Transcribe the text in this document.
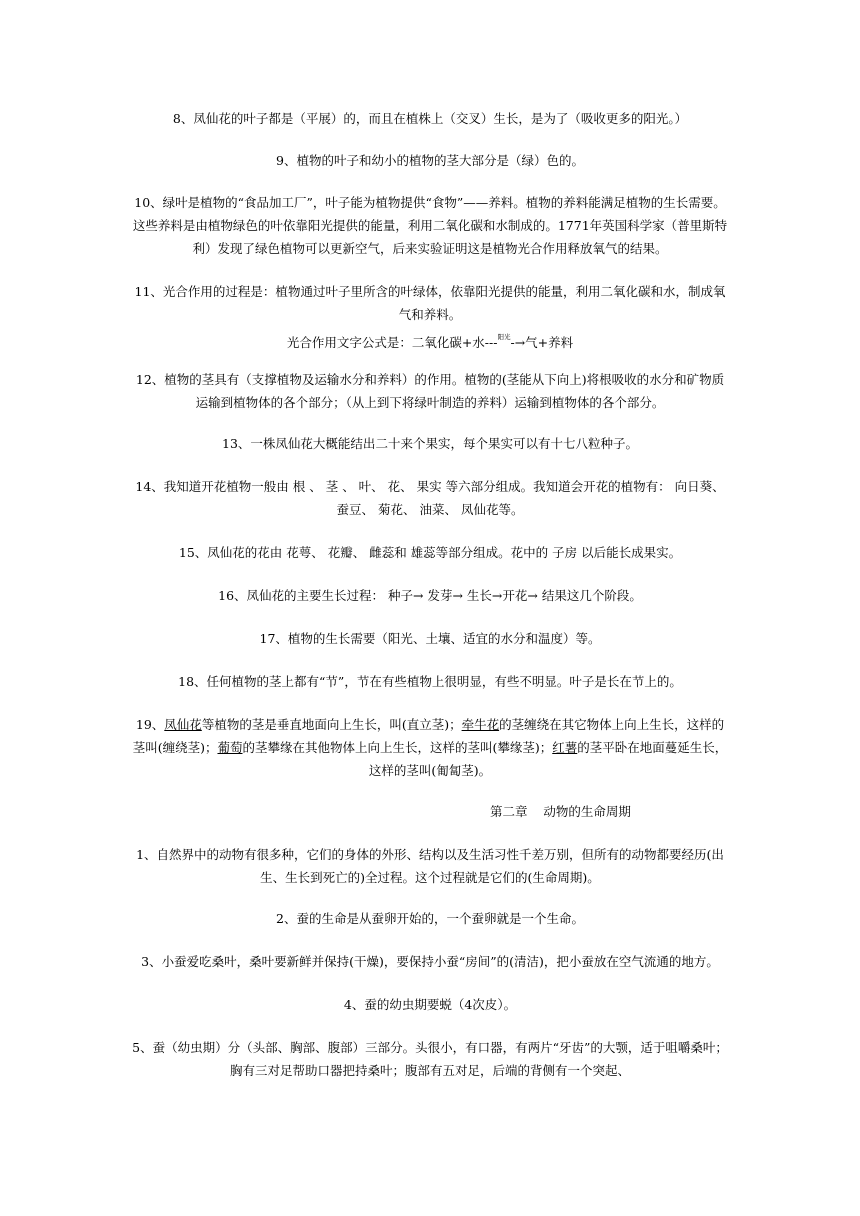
8、凤仙花的叶子都是（平展）的，而且在植株上（交叉）生长，是为了（吸收更多的阳光。）

9、植物的叶子和幼小的植物的茎大部分是（绿）色的。

10、绿叶是植物的“食品加工厂”，叶子能为植物提供“食物”——养料。植物的养料能满足植物的生长需要。这些养料是由植物绿色的叶依靠阳光提供的能量，利用二氧化碳和水制成的。1771年英国科学家（普里斯特利）发现了绿色植物可以更新空气，后来实验证明这是植物光合作用释放氧气的结果。

11、光合作用的过程是：植物通过叶子里所含的叶绿体，依靠阳光提供的能量，利用二氧化碳和水，制成氧气和养料。

光合作用文字公式是：二氧化碳+水---$^{阳光}$-→气+养料

12、植物的茎具有（支撑植物及运输水分和养料）的作用。植物的(茎能从下向上)将根吸收的水分和矿物质运输到植物体的各个部分；（从上到下将绿叶制造的养料）运输到植物体的各个部分。

13、一株凤仙花大概能结出二十来个果实，每个果实可以有十七八粒种子。

14、我知道开花植物一般由 根 、 茎 、 叶、 花、 果实 等六部分组成。我知道会开花的植物有： 向日葵、蚕豆、 菊花、 油菜、 凤仙花等。

15、凤仙花的花由 花萼、 花瓣、 雌蕊和 雄蕊等部分组成。花中的 子房 以后能长成果实。

16、凤仙花的主要生长过程： 种子→ 发芽→ 生长→开花→ 结果这几个阶段。

17、植物的生长需要（阳光、土壤、适宜的水分和温度）等。

18、任何植物的茎上都有“节”，节在有些植物上很明显，有些不明显。叶子是长在节上的。

19、凤仙花等植物的茎是垂直地面向上生长，叫(直立茎)；牵牛花的茎缠绕在其它物体上向上生长，这样的茎叫(缠绕茎)；葡萄的茎攀缘在其他物体上向上生长，这样的茎叫(攀缘茎)；红薯的茎平卧在地面蔓延生长，这样的茎叫(匍匐茎)。

第二章    动物的生命周期

1、自然界中的动物有很多种，它们的身体的外形、结构以及生活习性千差万别，但所有的动物都要经历(出生、生长到死亡的)全过程。这个过程就是它们的(生命周期)。

2、蚕的生命是从蚕卵开始的，一个蚕卵就是一个生命。

3、小蚕爱吃桑叶，桑叶要新鲜并保持(干燥)，要保持小蚕“房间”的(清洁)，把小蚕放在空气流通的地方。

4、蚕的幼虫期要蜕（4次皮）。

5、蚕（幼虫期）分（头部、胸部、腹部）三部分。头很小，有口器，有两片“牙齿”的大颚，适于咀嚼桑叶；胸有三对足帮助口器把持桑叶；腹部有五对足，后端的背侧有一个突起、
